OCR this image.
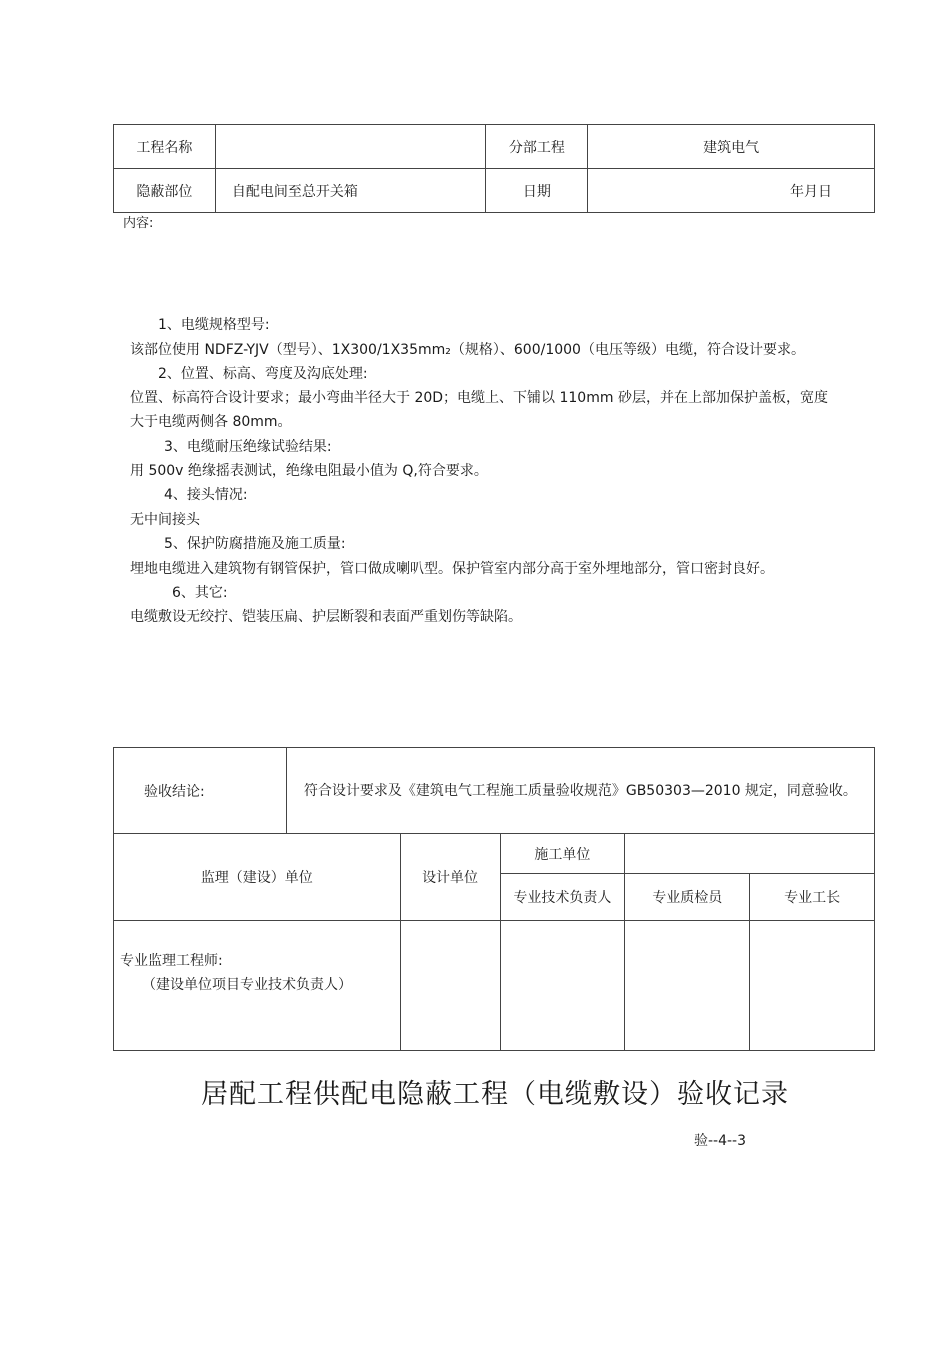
工程名称		分部工程	建筑电气
隐蔽部位	自配电间至总开关箱	日期	年月日
内容:
1、电缆规格型号:
该部位使用 NDFZ-YJV（型号）、1X300/1X35mm₂（规格）、600/1000（电压等级）电缆，符合设计要求。
2、位置、标高、弯度及沟底处理:
位置、标高符合设计要求；最小弯曲半径大于 20D；电缆上、下铺以 110mm 砂层，并在上部加保护盖板，宽度
大于电缆两侧各 80mm。
3、电缆耐压绝缘试验结果:
用 500v 绝缘摇表测试，绝缘电阻最小值为 Q,符合要求。
4、接头情况:
无中间接头
5、保护防腐措施及施工质量:
埋地电缆进入建筑物有钢管保护，管口做成喇叭型。保护管室内部分高于室外埋地部分，管口密封良好。
6、其它:
电缆敷设无绞拧、铠装压扁、护层断裂和表面严重划伤等缺陷。
验收结论:	符合设计要求及《建筑电气工程施工质量验收规范》GB50303—2010 规定，同意验收。
监理（建设）单位	设计单位	施工单位		
		专业技术负责人	专业质检员	专业工长

专业监理工程师:
（建设单位项目专业技术负责人）				

居配工程供配电隐蔽工程（电缆敷设）验收记录
验--4--3
